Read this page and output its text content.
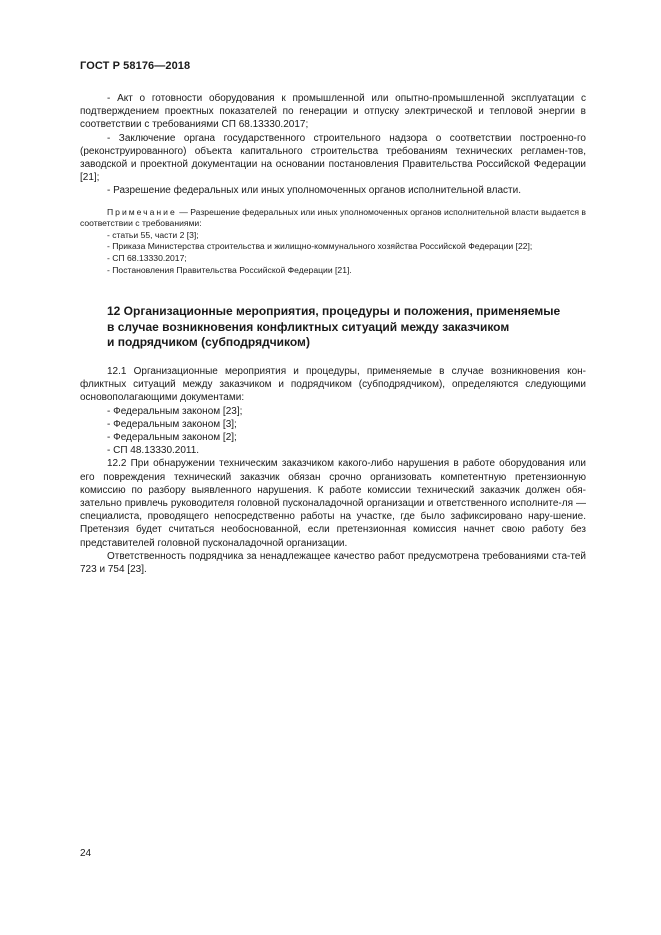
ГОСТ Р 58176—2018

- Акт о готовности оборудования к промышленной или опытно-промышленной эксплуатации с подтверждением проектных показателей по генерации и отпуску электрической и тепловой энергии в соответствии с требованиями СП 68.13330.2017;

- Заключение органа государственного строительного надзора о соответствии построенно-го (реконструированного) объекта капитального строительства требованиям технических регламен-тов, заводской и проектной документации на основании постановления Правительства Российской Федерации [21];

- Разрешение федеральных или иных уполномоченных органов исполнительной власти.

Примечание — Разрешение федеральных или иных уполномоченных органов исполнительной власти выдается в соответствии с требованиями:

- статьи 55, части 2 [3];

- Приказа Министерства строительства и жилищно-коммунального хозяйства Российской Федерации [22];

- СП 68.13330.2017;

- Постановления Правительства Российской Федерации [21].

12 Организационные мероприятия, процедуры и положения, применяемые
в случае возникновения конфликтных ситуаций между заказчиком
и подрядчиком (субподрядчиком)

12.1 Организационные мероприятия и процедуры, применяемые в случае возникновения кон-фликтных ситуаций между заказчиком и подрядчиком (субподрядчиком), определяются следующими основополагающими документами:

- Федеральным законом [23];

- Федеральным законом [3];

- Федеральным законом [2];

- СП 48.13330.2011.

12.2 При обнаружении техническим заказчиком какого-либо нарушения в работе оборудования или его повреждения технический заказчик обязан срочно организовать компетентную претензионную комиссию по разбору выявленного нарушения. К работе комиссии технический заказчик должен обя-зательно привлечь руководителя головной пусконаладочной организации и ответственного исполните-ля — специалиста, проводящего непосредственно работы на участке, где было зафиксировано нару-шение. Претензия будет считаться необоснованной, если претензионная комиссия начнет свою работу без представителей головной пусконаладочной организации.

Ответственность подрядчика за ненадлежащее качество работ предусмотрена требованиями ста-тей 723 и 754 [23].

24
